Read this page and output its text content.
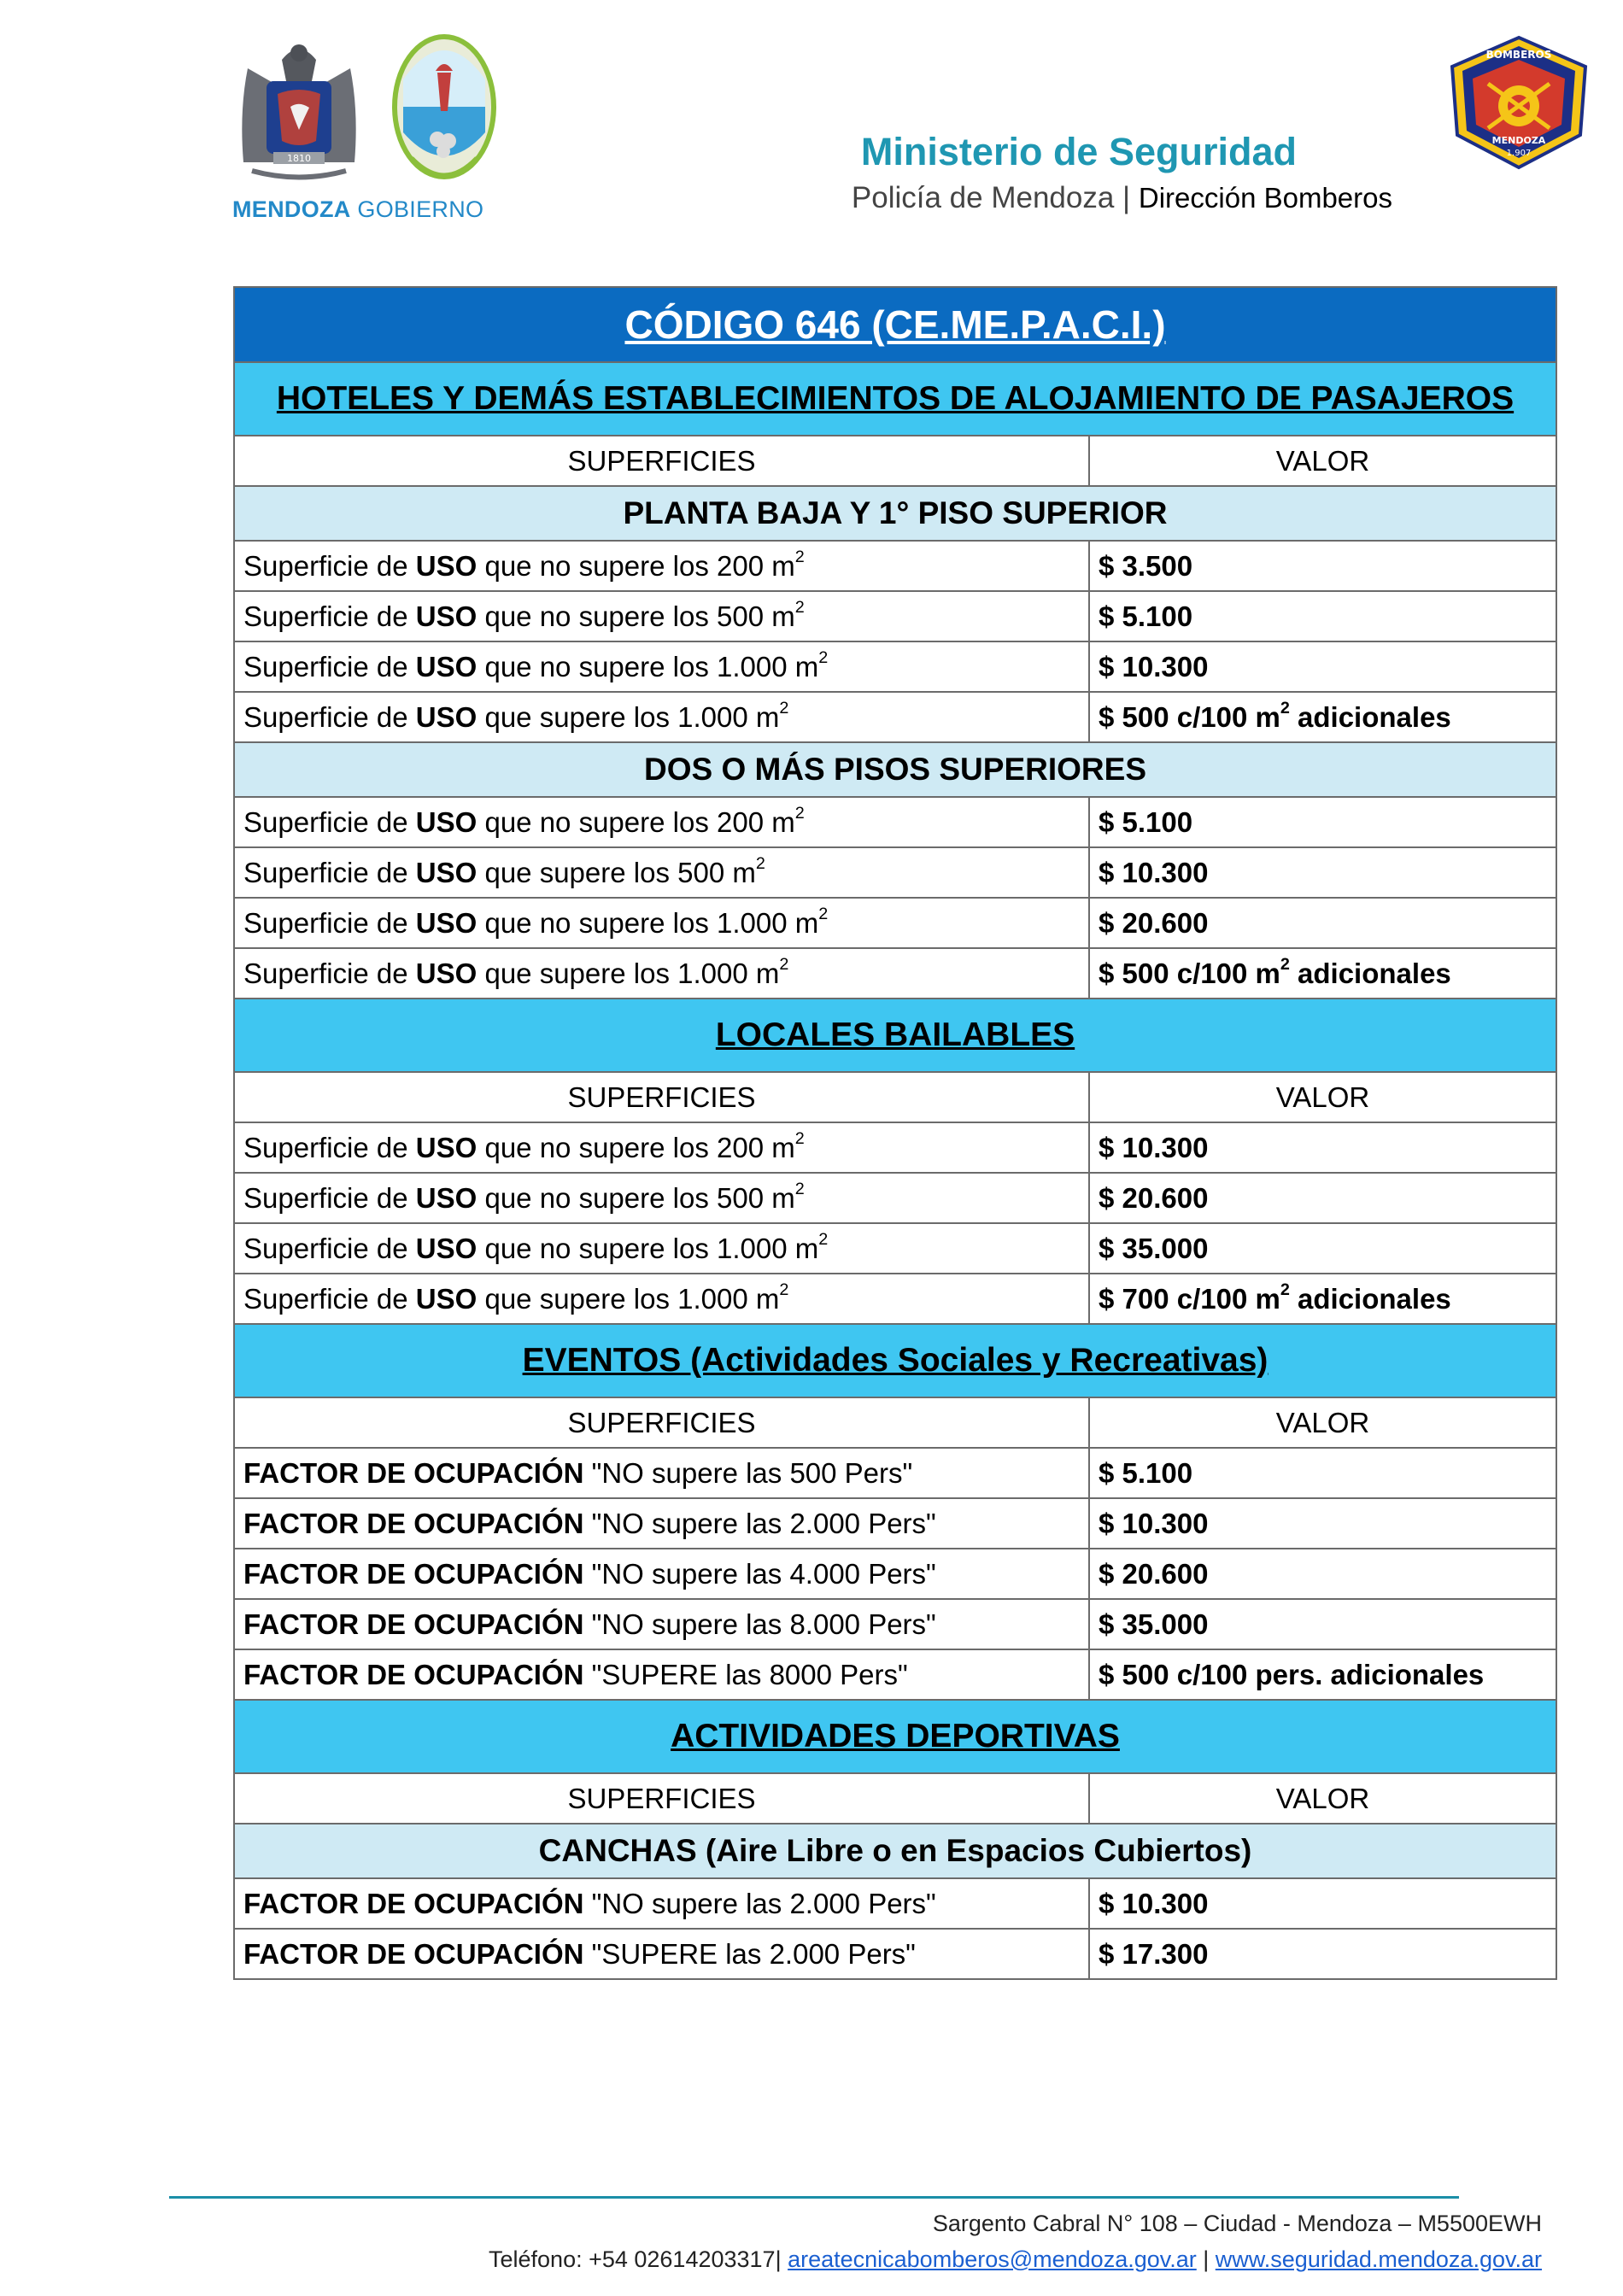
1810
MENDOZA GOBIERNO
Ministerio de Seguridad
Policía de Mendoza | Dirección Bomberos
BOMBEROS
MENDOZA
1.907
CÓDIGO 646 (CE.ME.P.A.C.I.)	
HOTELES Y DEMÁS ESTABLECIMIENTOS DE ALOJAMIENTO DE PASAJEROS	
SUPERFICIES	VALOR
PLANTA BAJA Y 1° PISO SUPERIOR	
Superficie de USO que no supere los 200 $m^2$	$ 3.500
Superficie de USO que no supere los 500 $m^2$	$ 5.100
Superficie de USO que no supere los 1.000 $m^2$	$ 10.300
Superficie de USO que supere los 1.000 $m^2$	$ 500 c/100 $m^2$ adicionales
DOS O MÁS PISOS SUPERIORES	
Superficie de USO que no supere los 200 $m^2$	$ 5.100
Superficie de USO que supere los 500 $m^2$	$ 10.300
Superficie de USO que no supere los 1.000 $m^2$	$ 20.600
Superficie de USO que supere los 1.000 $m^2$	$ 500 c/100 $m^2$ adicionales
LOCALES BAILABLES	
SUPERFICIES	VALOR
Superficie de USO que no supere los 200 $m^2$	$ 10.300
Superficie de USO que no supere los 500 $m^2$	$ 20.600
Superficie de USO que no supere los 1.000 $m^2$	$ 35.000
Superficie de USO que supere los 1.000 $m^2$	$ 700 c/100 $m^2$ adicionales
EVENTOS (Actividades Sociales y Recreativas)	
SUPERFICIES	VALOR
FACTOR DE OCUPACIÓN "NO supere las 500 Pers"	$ 5.100
FACTOR DE OCUPACIÓN "NO supere las 2.000 Pers"	$ 10.300
FACTOR DE OCUPACIÓN "NO supere las 4.000 Pers"	$ 20.600
FACTOR DE OCUPACIÓN "NO supere las 8.000 Pers"	$ 35.000
FACTOR DE OCUPACIÓN "SUPERE las 8000 Pers"	$ 500 c/100 pers. adicionales
ACTIVIDADES DEPORTIVAS	
SUPERFICIES	VALOR
CANCHAS (Aire Libre o en Espacios Cubiertos)	
FACTOR DE OCUPACIÓN "NO supere las 2.000 Pers"	$ 10.300
FACTOR DE OCUPACIÓN "SUPERE las 2.000 Pers"	$ 17.300
Sargento Cabral N° 108 – Ciudad - Mendoza – M5500EWH
Teléfono: +54 02614203317| areatecnicabomberos@mendoza.gov.ar | www.seguridad.mendoza.gov.ar
